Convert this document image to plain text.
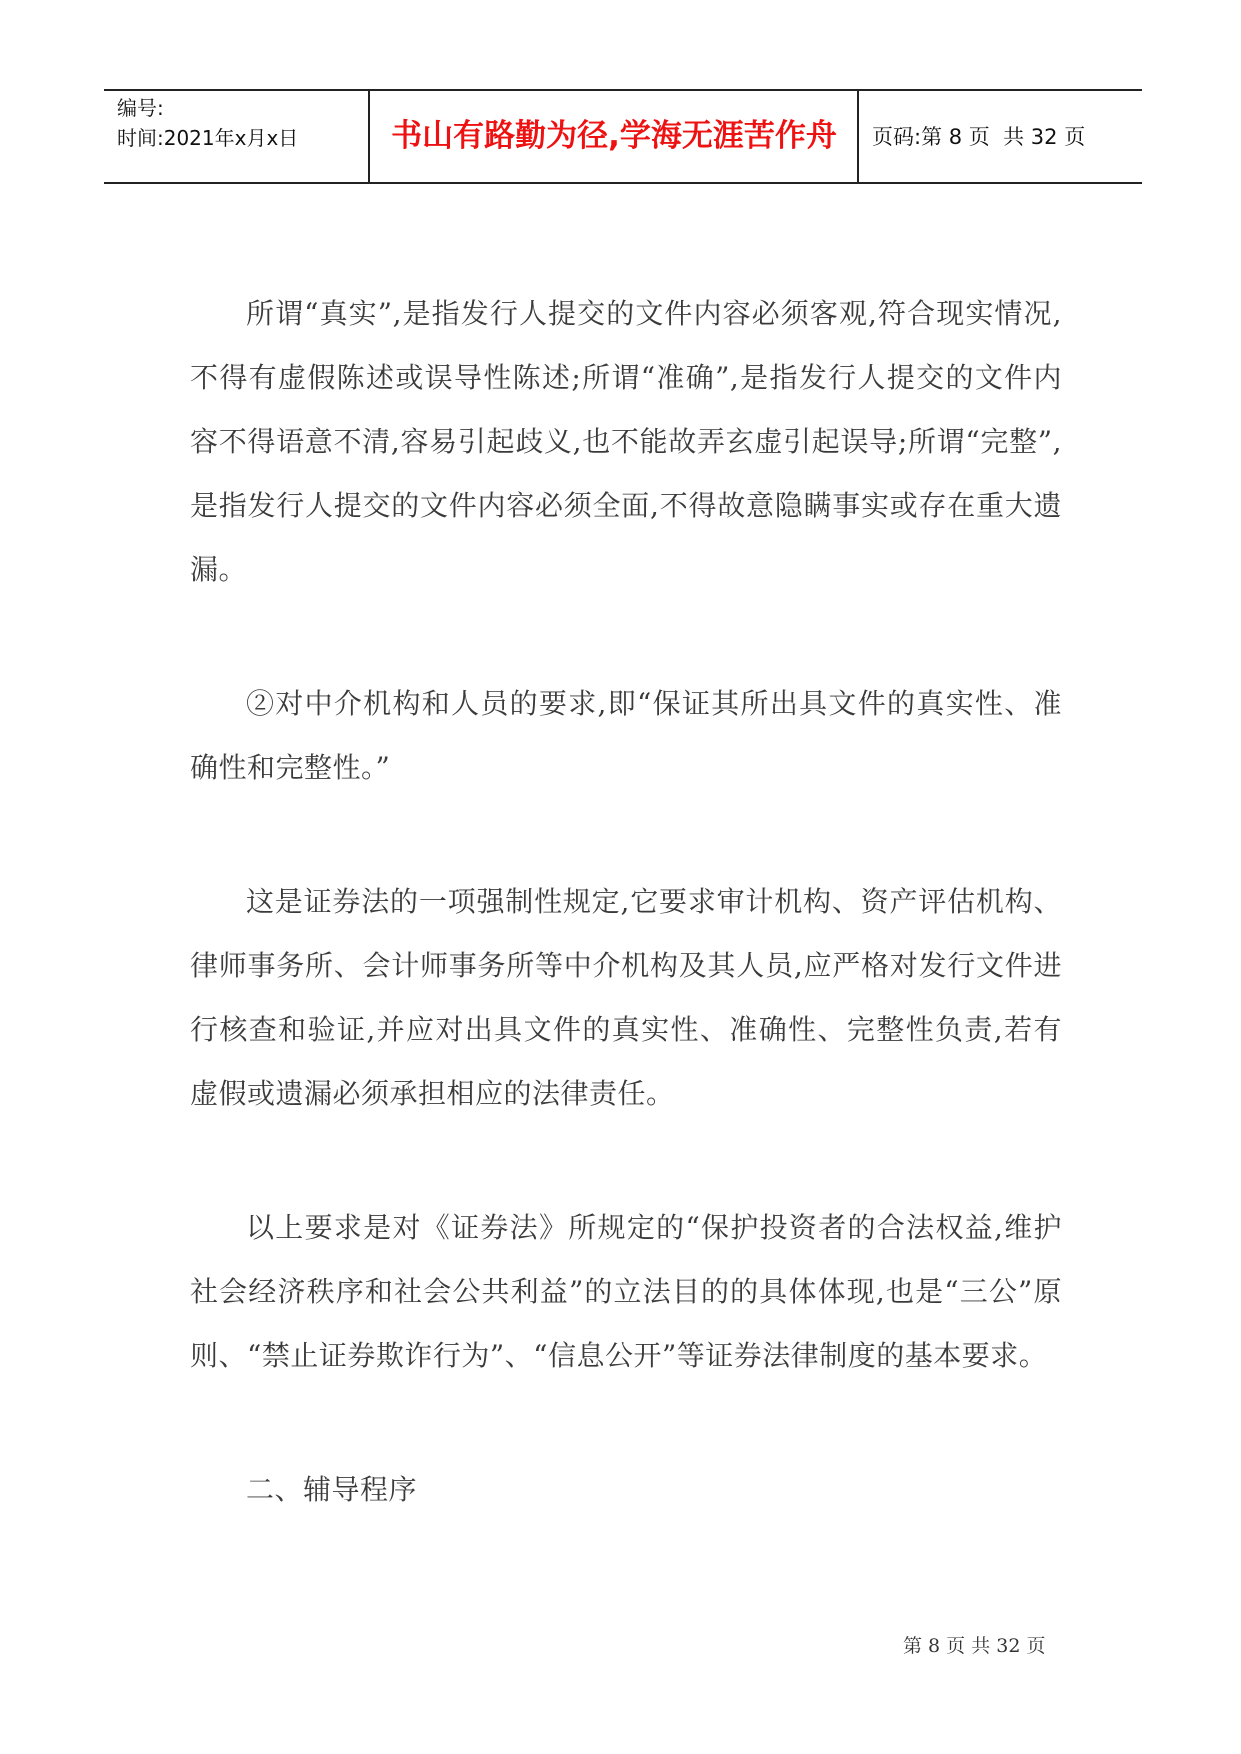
编号:
时间:2021年x月x日	书山有路勤为径,学海无涯苦作舟	页码:第 8 页  共 32 页

所谓“真实”,是指发行人提交的文件内容必须客观,符合现实情况,不得有虚假陈述或误导性陈述;所谓“准确”,是指发行人提交的文件内容不得语意不清,容易引起歧义,也不能故弄玄虚引起误导;所谓“完整”,是指发行人提交的文件内容必须全面,不得故意隐瞒事实或存在重大遗漏。

②对中介机构和人员的要求,即“保证其所出具文件的真实性、准确性和完整性。”

这是证券法的一项强制性规定,它要求审计机构、资产评估机构、律师事务所、会计师事务所等中介机构及其人员,应严格对发行文件进行核查和验证,并应对出具文件的真实性、准确性、完整性负责,若有虚假或遗漏必须承担相应的法律责任。

以上要求是对《证券法》所规定的“保护投资者的合法权益,维护社会经济秩序和社会公共利益”的立法目的的具体体现,也是“三公”原则、“禁止证券欺诈行为”、“信息公开”等证券法律制度的基本要求。

二、辅导程序

第 8 页 共 32 页
